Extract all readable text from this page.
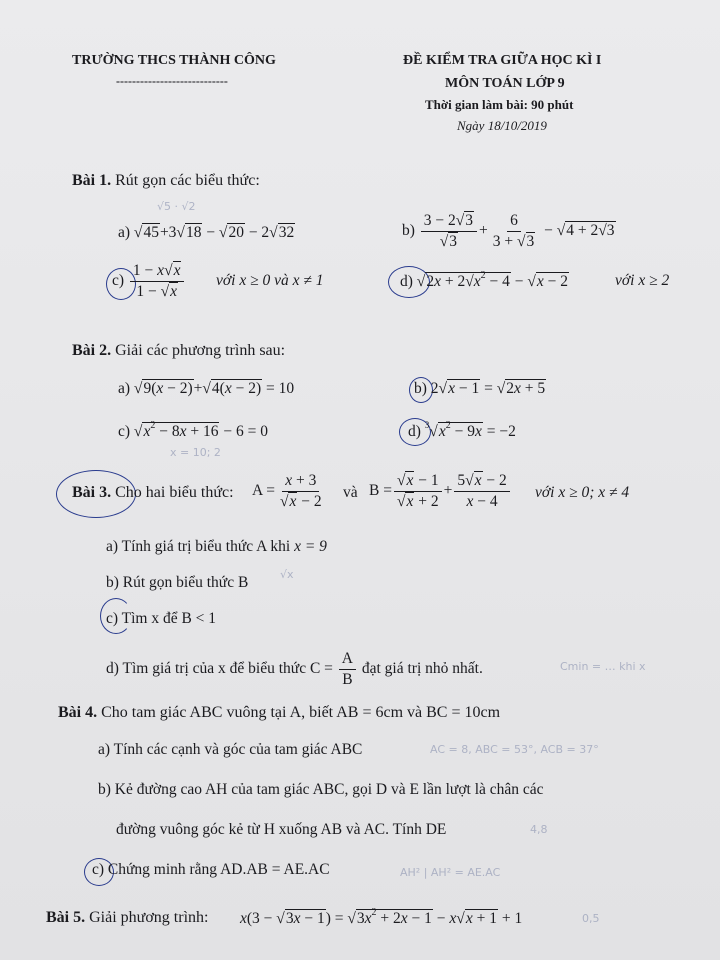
TRƯỜNG THCS THÀNH CÔNG
----------------------------
ĐỀ KIỂM TRA GIỮA HỌC KÌ I
MÔN TOÁN LỚP 9
Thời gian làm bài: 90 phút
Ngày 18/10/2019
Bài 1. Rút gọn các biểu thức:
√5 · √2
a) √45+3√18 − √20 − 2√32	$b) \frac{3 - 2√3}{√3} + \frac{6}{3 + √3} - √4 + 2√3$
$c) \frac{1 - x√x}{1 - √x}$ với x ≥ 0 và x ≠ 1	d) $√2x + 2√x^2 - 4 - √x - 2$	với x ≥ 2
Bài 2. Giải các phương trình sau:
a) √9(x − 2)+√4(x − 2) = 10	b) 2√x − 1 = √2x + 5
c) $√x^2 - 8x + 16 - 6 = 0$
x = 10; 2
d) $^3√x^2 - 9x = -2$
Bài 3. Cho hai biểu thức: $A = \frac{x + 3}{√x - 2}$ và $B = \frac{√x - 1}{√x + 2} + \frac{5√x - 2}{x - 4}$ với x ≥ 0; x ≠ 4
a) Tính giá trị biểu thức A khi x = 9
b) Rút gọn biểu thức B	√x
c) Tìm x để B < 1
d) Tìm giá trị của x để biểu thức $C = \frac{A}{B}$ đạt giá trị nhỏ nhất.	Cmin = … khi x
Bài 4. Cho tam giác ABC vuông tại A, biết AB = 6cm và BC = 10cm
a) Tính các cạnh và góc của tam giác ABC	AC = 8, ABC = 53°, ACB = 37°
b) Kẻ đường cao AH của tam giác ABC, gọi D và E lần lượt là chân các
đường vuông góc kẻ từ H xuống AB và AC. Tính DE	4,8
c) Chứng minh rằng AD.AB = AE.AC	AH² | AH² = AE.AC
Bài 5. Giải phương trình: $x(3 - √3x - 1) = √3x^2 + 2x - 1 - x√x + 1 + 1$	0,5
